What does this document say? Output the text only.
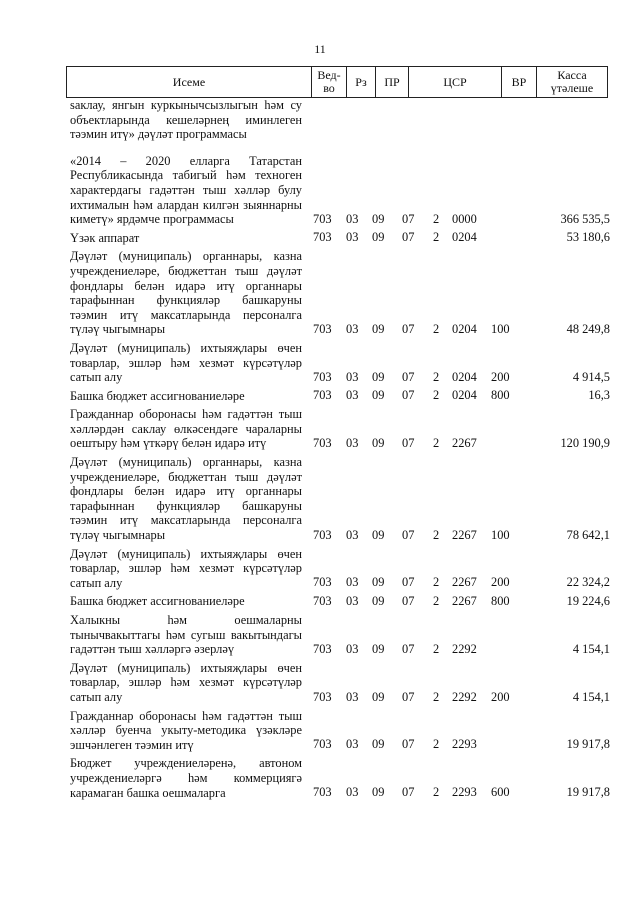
11
Исеме	Вед-во	Рз	ПР	ЦСР	ВР	Касса үтәлеше
saклау, янгын куркынычсызлыгын һәм су объектларында кешеләрнең иминлеген тәэмин итү» дәүләт программасы
«2014 – 2020 елларга Татарстан Республикасында табигый һәм техноген характердагы гадәттән тыш хәлләр булу ихтималын һәм алардан килгән зыяннарны киметү» ярдәмче программасы	703 03 09 07 2 0000	366 535,5
Үзәк аппарат	703 03 09 07 2 0204	53 180,6
Дәүләт (муниципаль) органнары, казна учреждениеләре, бюджеттан тыш дәүләт фондлары белән идарә итү органнары тарафыннан функцияләр башкаруны тәэмин итү максатларында персоналга түләү чыгымнары	703 03 09 07 2 0204 100	48 249,8
Дәүләт (муниципаль) ихтыяҗлары өчен товарлар, эшләр һәм хезмәт күрсәтүләр сатып алу	703 03 09 07 2 0204 200	4 914,5
Башка бюджет ассигнованиеләре	703 03 09 07 2 0204 800	16,3
Гражданнар оборонасы һәм гадәттән тыш хәлләрдән саклау өлкәсендәге чараларны оештыру һәм үткәрү белән идарә итү	703 03 09 07 2 2267	120 190,9
Дәүләт (муниципаль) органнары, казна учреждениеләре, бюджеттан тыш дәүләт фондлары белән идарә итү органнары тарафыннан функцияләр башкаруны тәэмин итү максатларында персоналга түләү чыгымнары	703 03 09 07 2 2267 100	78 642,1
Дәүләт (муниципаль) ихтыяҗлары өчен товарлар, эшләр һәм хезмәт күрсәтүләр сатып алу	703 03 09 07 2 2267 200	22 324,2
Башка бюджет ассигнованиеләре	703 03 09 07 2 2267 800	19 224,6
Халыкны һәм оешмаларны тынычвакыттагы һәм сугыш вакытындагы гадәттән тыш хәлләргә әзерләү	703 03 09 07 2 2292	4 154,1
Дәүләт (муниципаль) ихтыяҗлары өчен товарлар, эшләр һәм хезмәт күрсәтүләр сатып алу	703 03 09 07 2 2292 200	4 154,1
Гражданнар оборонасы һәм гадәттән тыш хәлләр буенча укыту-методика үзәкләре эшчәнлеген тәэмин итү	703 03 09 07 2 2293	19 917,8
Бюджет учреждениеләренә, автоном учреждениеләргә һәм коммерциягә карамаган башка оешмаларга	703 03 09 07 2 2293 600	19 917,8
